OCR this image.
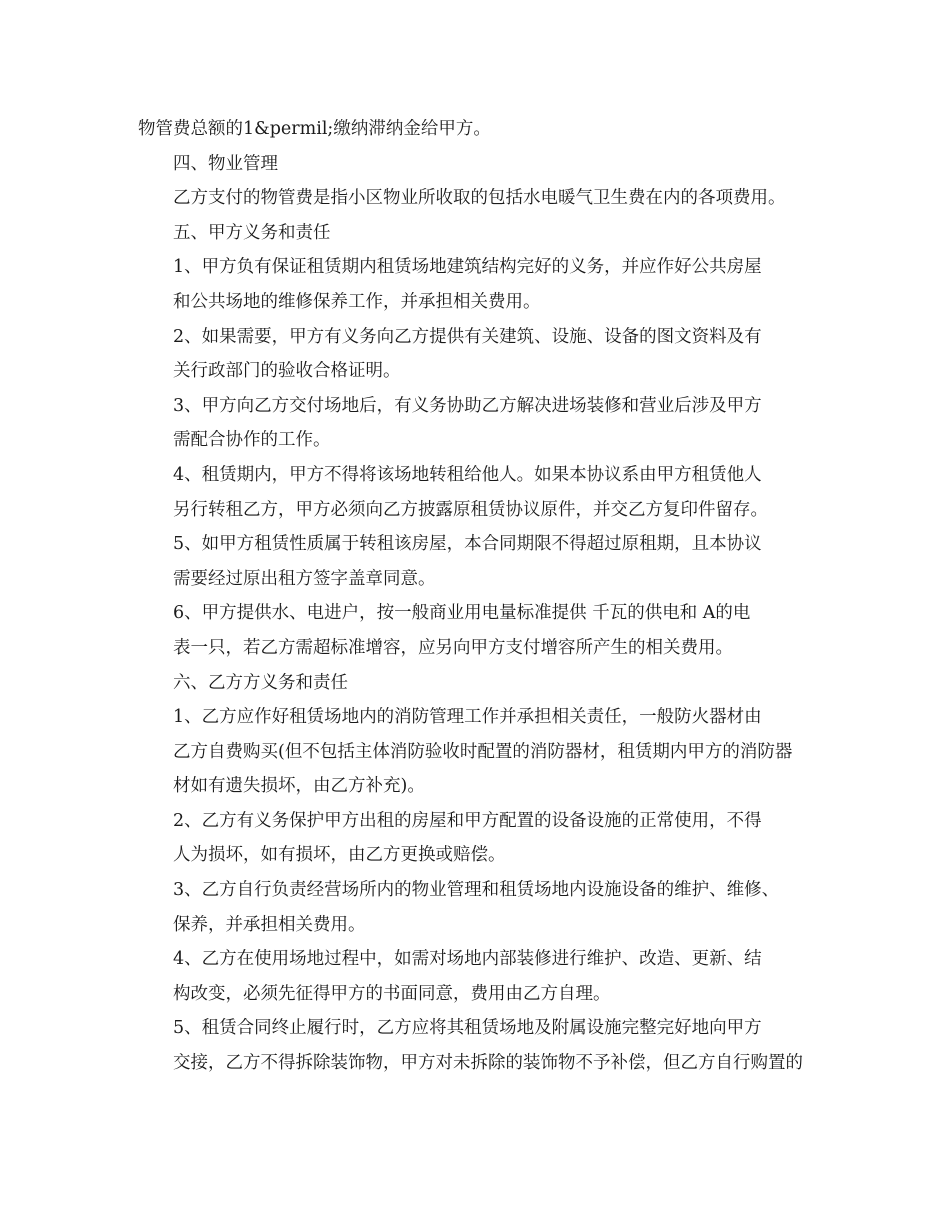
物管费总额的1&permil;缴纳滞纳金给甲方。
四、物业管理
乙方支付的物管费是指小区物业所收取的包括水电暖气卫生费在内的各项费用。
五、甲方义务和责任
1、甲方负有保证租赁期内租赁场地建筑结构完好的义务，并应作好公共房屋
和公共场地的维修保养工作，并承担相关费用。
2、如果需要，甲方有义务向乙方提供有关建筑、设施、设备的图文资料及有
关行政部门的验收合格证明。
3、甲方向乙方交付场地后，有义务协助乙方解决进场装修和营业后涉及甲方
需配合协作的工作。
4、租赁期内，甲方不得将该场地转租给他人。如果本协议系由甲方租赁他人
另行转租乙方，甲方必须向乙方披露原租赁协议原件，并交乙方复印件留存。
5、如甲方租赁性质属于转租该房屋，本合同期限不得超过原租期，且本协议
需要经过原出租方签字盖章同意。
6、甲方提供水、电进户，按一般商业用电量标准提供 千瓦的供电和 A的电
表一只，若乙方需超标准增容，应另向甲方支付增容所产生的相关费用。
六、乙方方义务和责任
1、乙方应作好租赁场地内的消防管理工作并承担相关责任，一般防火器材由
乙方自费购买(但不包括主体消防验收时配置的消防器材，租赁期内甲方的消防器
材如有遗失损坏，由乙方补充)。
2、乙方有义务保护甲方出租的房屋和甲方配置的设备设施的正常使用，不得
人为损坏，如有损坏，由乙方更换或赔偿。
3、乙方自行负责经营场所内的物业管理和租赁场地内设施设备的维护、维修、
保养，并承担相关费用。
4、乙方在使用场地过程中，如需对场地内部装修进行维护、改造、更新、结
构改变，必须先征得甲方的书面同意，费用由乙方自理。
5、租赁合同终止履行时，乙方应将其租赁场地及附属设施完整完好地向甲方
交接，乙方不得拆除装饰物，甲方对未拆除的装饰物不予补偿，但乙方自行购置的
